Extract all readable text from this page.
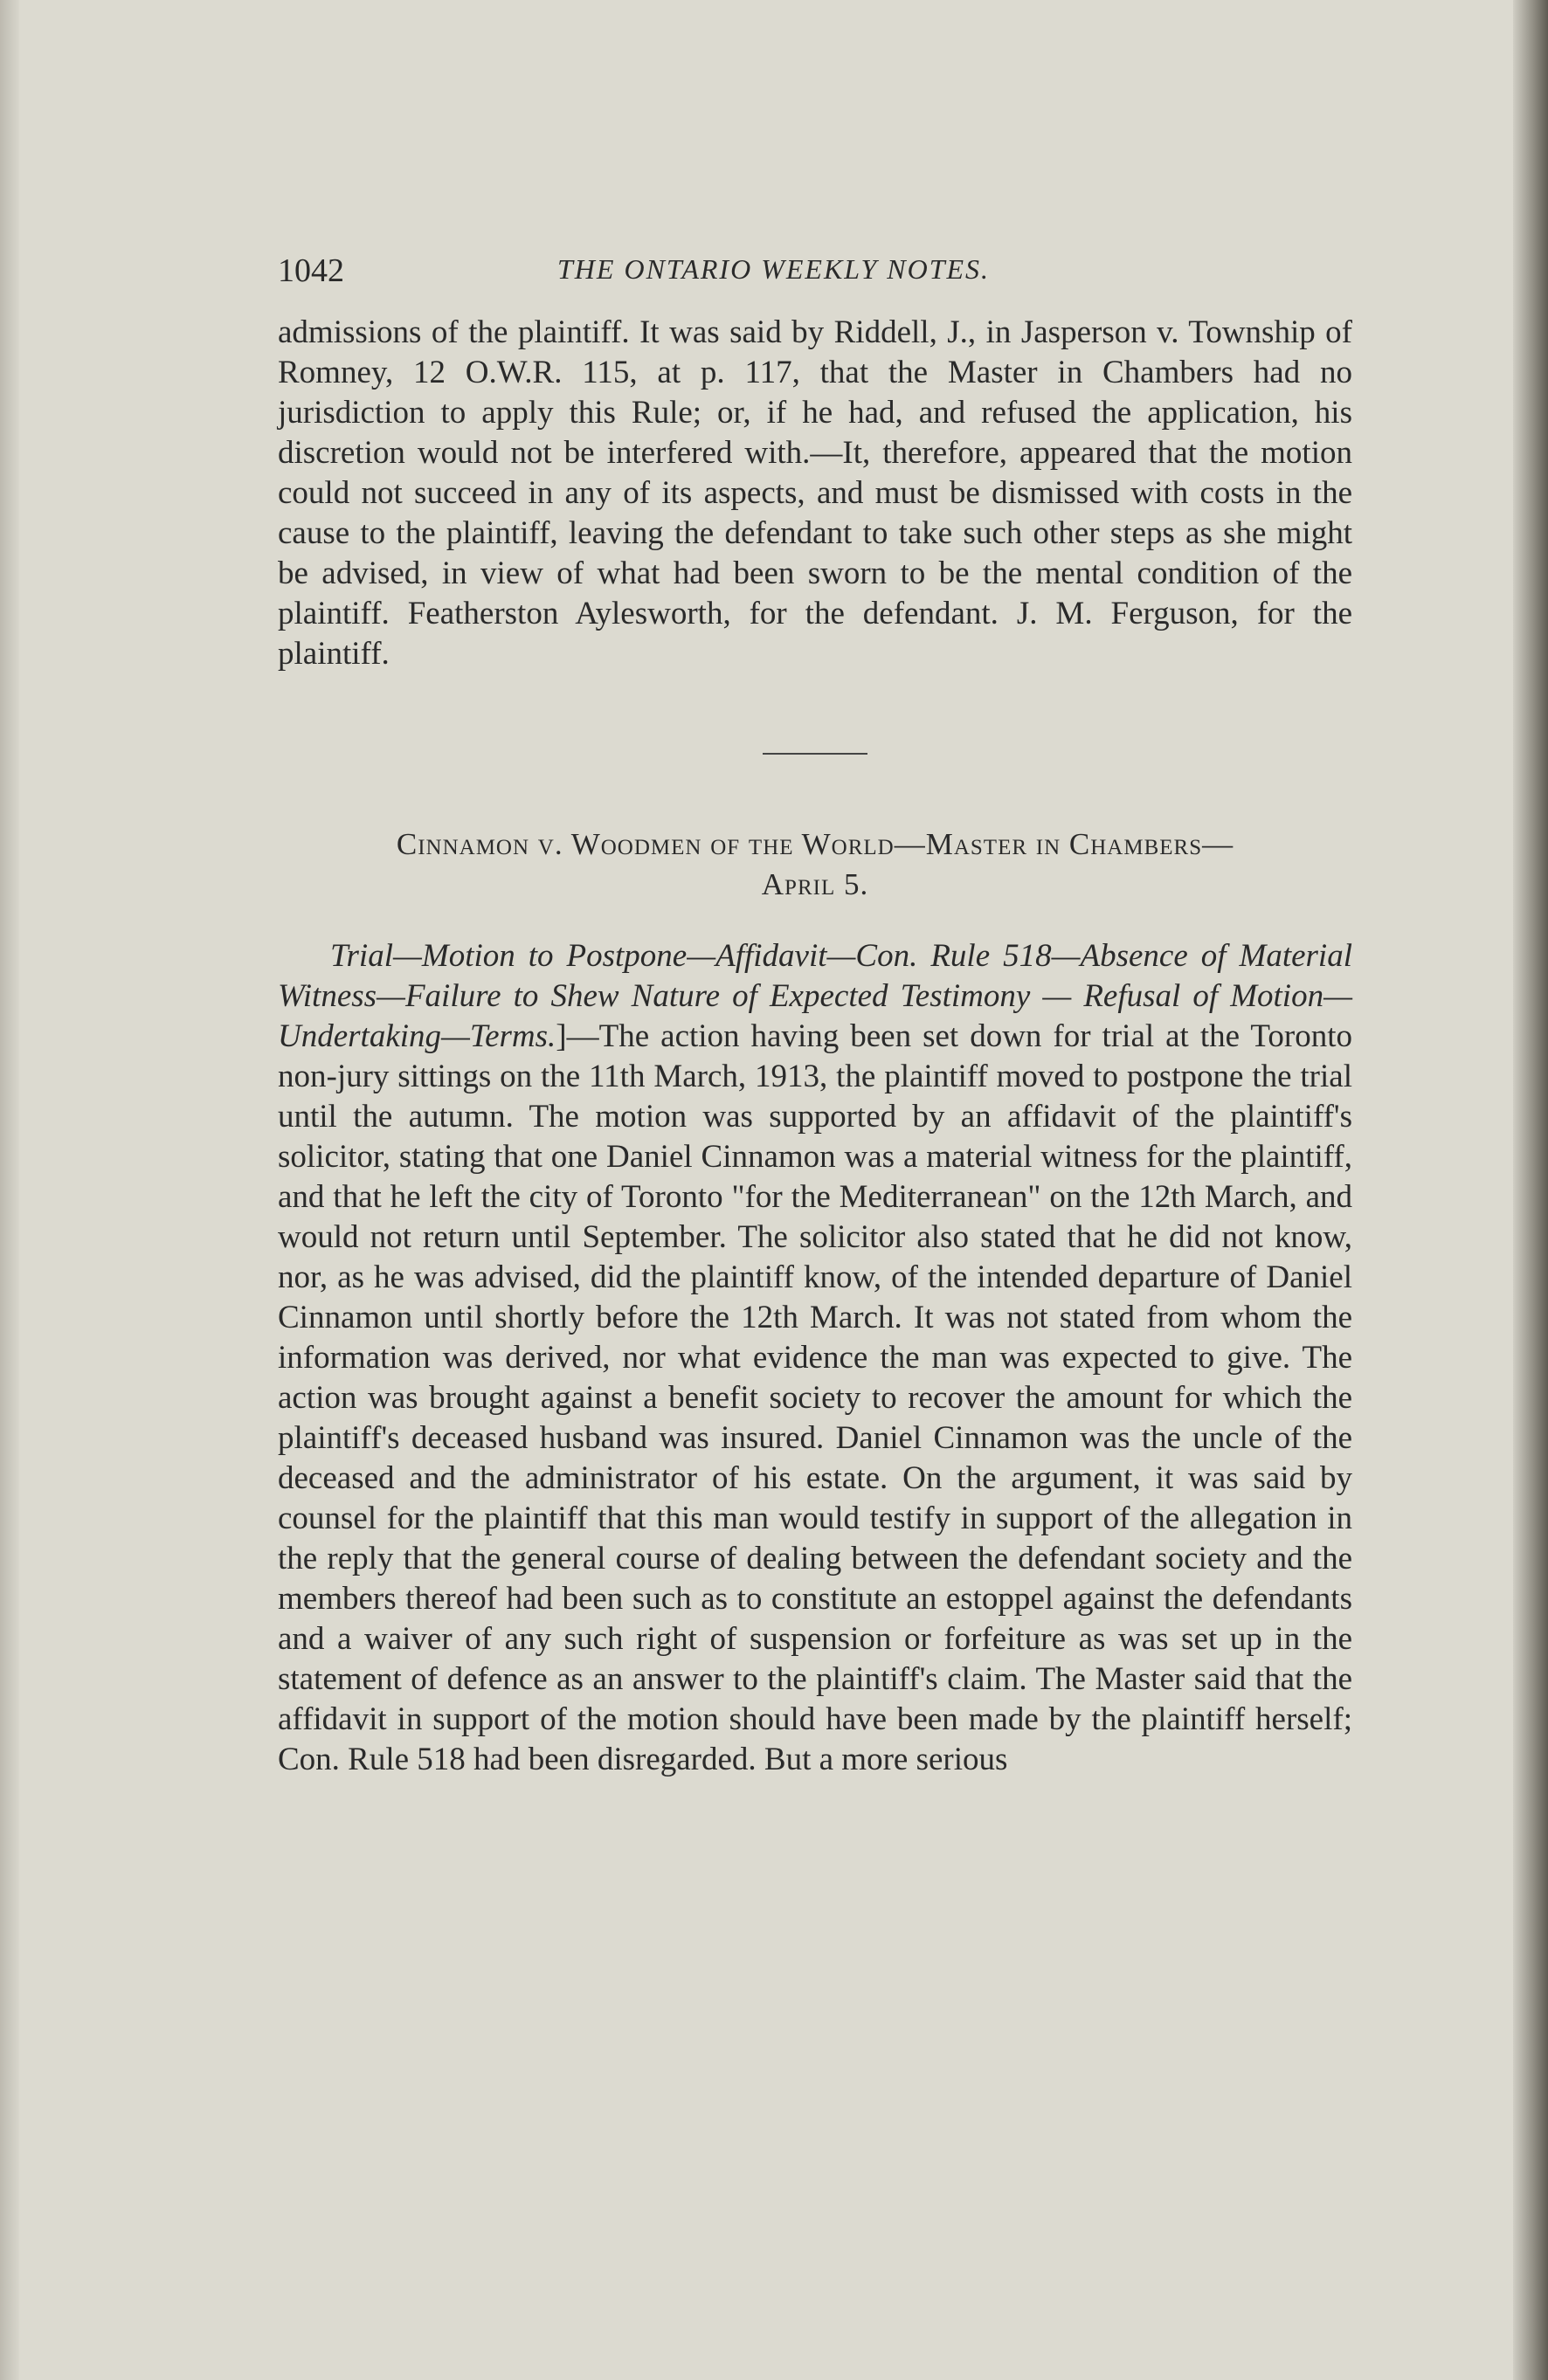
1042	THE ONTARIO WEEKLY NOTES.

admissions of the plaintiff. It was said by Riddell, J., in Jasperson v. Township of Romney, 12 O.W.R. 115, at p. 117, that the Master in Chambers had no jurisdiction to apply this Rule; or, if he had, and refused the application, his discretion would not be interfered with.—It, therefore, appeared that the motion could not succeed in any of its aspects, and must be dismissed with costs in the cause to the plaintiff, leaving the defendant to take such other steps as she might be advised, in view of what had been sworn to be the mental condition of the plaintiff. Featherston Aylesworth, for the defendant. J. M. Ferguson, for the plaintiff.

Cinnamon v. Woodmen of the World—Master in Chambers—
April 5.

Trial—Motion to Postpone—Affidavit—Con. Rule 518—Absence of Material Witness—Failure to Shew Nature of Expected Testimony — Refusal of Motion—Undertaking—Terms.]—The action having been set down for trial at the Toronto non-jury sittings on the 11th March, 1913, the plaintiff moved to postpone the trial until the autumn. The motion was supported by an affidavit of the plaintiff's solicitor, stating that one Daniel Cinnamon was a material witness for the plaintiff, and that he left the city of Toronto "for the Mediterranean" on the 12th March, and would not return until September. The solicitor also stated that he did not know, nor, as he was advised, did the plaintiff know, of the intended departure of Daniel Cinnamon until shortly before the 12th March. It was not stated from whom the information was derived, nor what evidence the man was expected to give. The action was brought against a benefit society to recover the amount for which the plaintiff's deceased husband was insured. Daniel Cinnamon was the uncle of the deceased and the administrator of his estate. On the argument, it was said by counsel for the plaintiff that this man would testify in support of the allegation in the reply that the general course of dealing between the defendant society and the members thereof had been such as to constitute an estoppel against the defendants and a waiver of any such right of suspension or forfeiture as was set up in the statement of defence as an answer to the plaintiff's claim. The Master said that the affidavit in support of the motion should have been made by the plaintiff herself; Con. Rule 518 had been disregarded. But a more serious
